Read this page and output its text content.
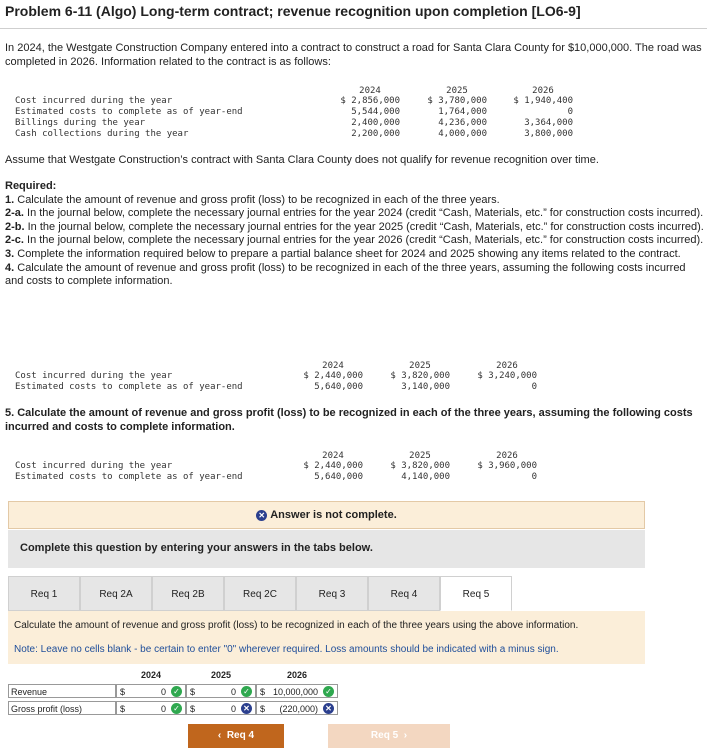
Problem 6-11 (Algo) Long-term contract; revenue recognition upon completion [LO6-9]
In 2024, the Westgate Construction Company entered into a contract to construct a road for Santa Clara County for $10,000,000. The road was completed in 2026. Information related to the contract is as follows:
2024	2025	2026
Cost incurred during the year	$ 2,856,000	$ 3,780,000	$ 1,940,400
Estimated costs to complete as of year-end	5,544,000	1,764,000	0
Billings during the year	2,400,000	4,236,000	3,364,000
Cash collections during the year	2,200,000	4,000,000	3,800,000
Assume that Westgate Construction’s contract with Santa Clara County does not qualify for revenue recognition over time.
Required:
1. Calculate the amount of revenue and gross profit (loss) to be recognized in each of the three years.
2-a. In the journal below, complete the necessary journal entries for the year 2024 (credit “Cash, Materials, etc.” for construction costs incurred).
2-b. In the journal below, complete the necessary journal entries for the year 2025 (credit “Cash, Materials, etc.” for construction costs incurred).
2-c. In the journal below, complete the necessary journal entries for the year 2026 (credit “Cash, Materials, etc.” for construction costs incurred).
3. Complete the information required below to prepare a partial balance sheet for 2024 and 2025 showing any items related to the contract.
4. Calculate the amount of revenue and gross profit (loss) to be recognized in each of the three years, assuming the following costs incurred and costs to complete information.
2024	2025	2026
Cost incurred during the year	$ 2,440,000	$ 3,820,000	$ 3,240,000
Estimated costs to complete as of year-end	5,640,000	3,140,000	0
5. Calculate the amount of revenue and gross profit (loss) to be recognized in each of the three years, assuming the following costs incurred and costs to complete information.
2024	2025	2026
Cost incurred during the year	$ 2,440,000	$ 3,820,000	$ 3,960,000
Estimated costs to complete as of year-end	5,640,000	4,140,000	0
✕ Answer is not complete.
Complete this question by entering your answers in the tabs below.
Req 1	Req 2A	Req 2B	Req 2C	Req 3	Req 4	Req 5
Calculate the amount of revenue and gross profit (loss) to be recognized in each of the three years using the above information.
Note: Leave no cells blank - be certain to enter "0" wherever required. Loss amounts should be indicated with a minus sign.
2024	2025	2026
Revenue	$	0 ✓ $	0 ✓ $ 10,000,000 ✓
Gross profit (loss)	$	0 ✓ $	0 ✕ $ (220,000) ✕
‹ Req 4	Req 5 ›
